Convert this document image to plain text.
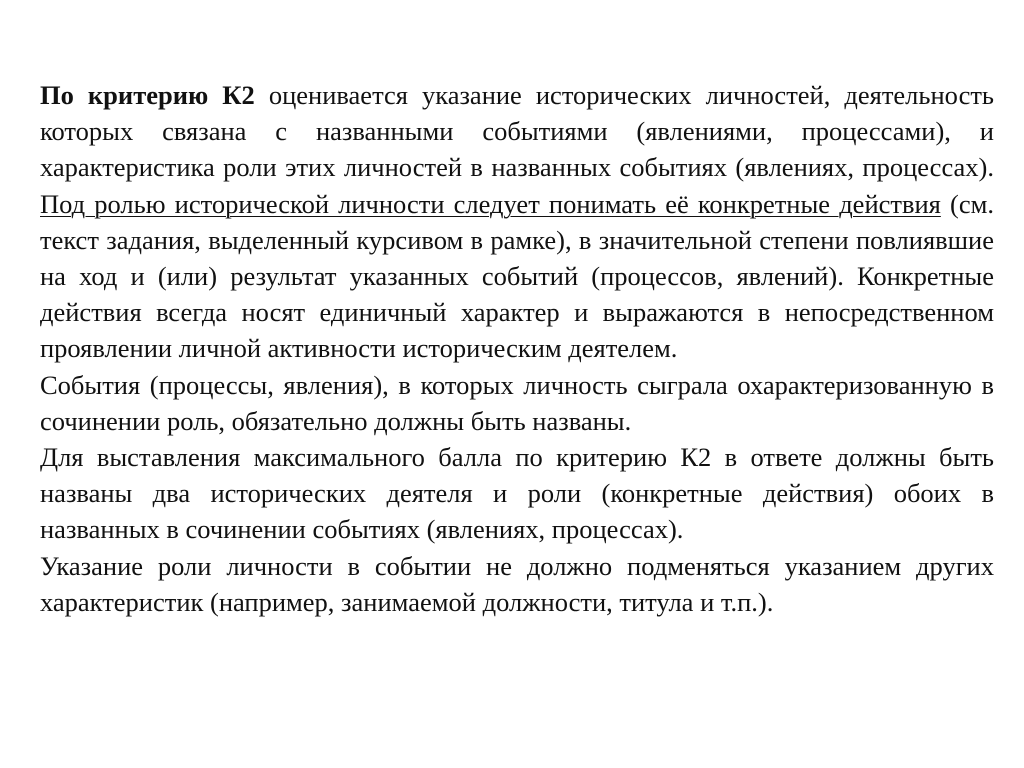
По критерию К2 оценивается указание исторических личностей, деятельность которых связана с названными событиями (явлениями, процессами), и характеристика роли этих личностей в названных событиях (явлениях, процессах). Под ролью исторической личности следует понимать её конкретные действия (см. текст задания, выделенный курсивом в рамке), в значительной степени повлиявшие на ход и (или) результат указанных событий (процессов, явлений). Конкретные действия всегда носят единичный характер и выражаются в непосредственном проявлении личной активности историческим деятелем.

События (процессы, явления), в которых личность сыграла охарактеризованную в сочинении роль, обязательно должны быть названы.

Для выставления максимального балла по критерию К2 в ответе должны быть названы два исторических деятеля и роли (конкретные действия) обоих в названных в сочинении событиях (явлениях, процессах).

Указание роли личности в событии не должно подменяться указанием других характеристик (например, занимаемой должности, титула и т.п.).
